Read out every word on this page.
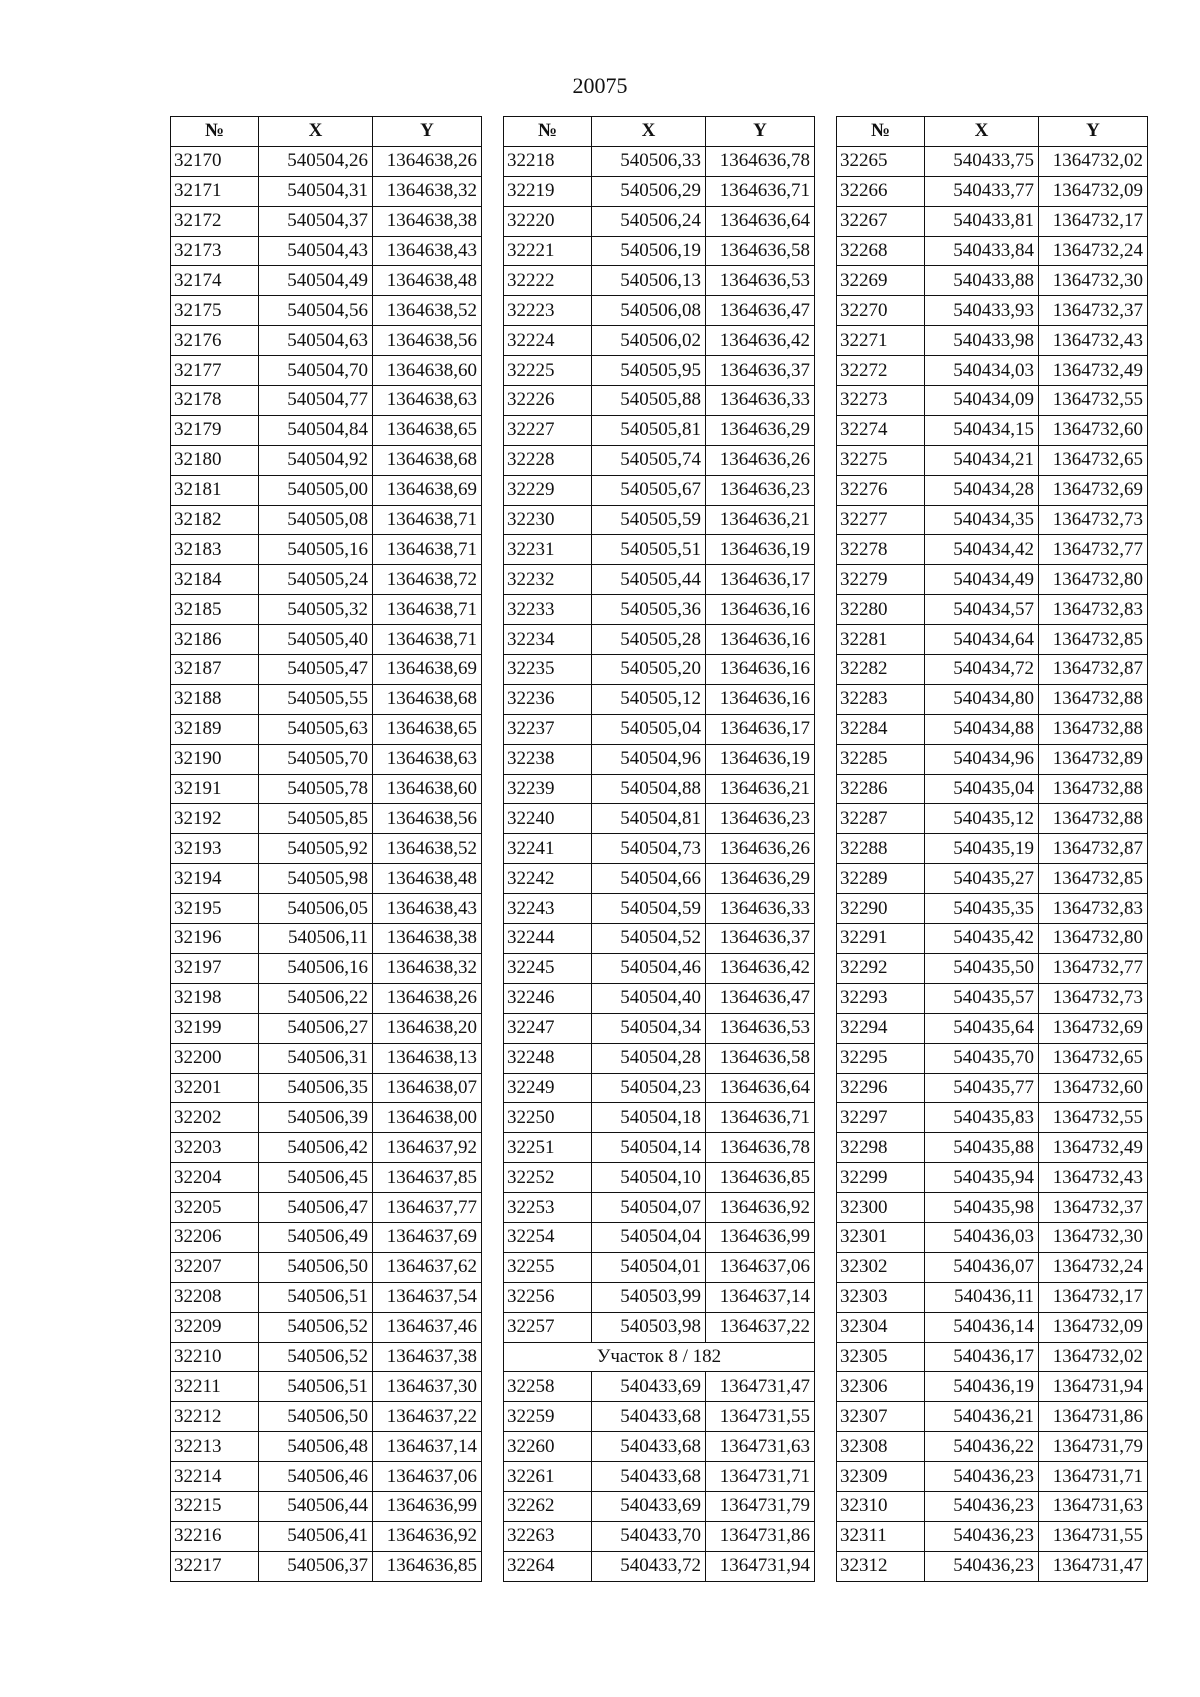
20075
№	X	Y
32170	540504,26	1364638,26
32171	540504,31	1364638,32
32172	540504,37	1364638,38
32173	540504,43	1364638,43
32174	540504,49	1364638,48
32175	540504,56	1364638,52
32176	540504,63	1364638,56
32177	540504,70	1364638,60
32178	540504,77	1364638,63
32179	540504,84	1364638,65
32180	540504,92	1364638,68
32181	540505,00	1364638,69
32182	540505,08	1364638,71
32183	540505,16	1364638,71
32184	540505,24	1364638,72
32185	540505,32	1364638,71
32186	540505,40	1364638,71
32187	540505,47	1364638,69
32188	540505,55	1364638,68
32189	540505,63	1364638,65
32190	540505,70	1364638,63
32191	540505,78	1364638,60
32192	540505,85	1364638,56
32193	540505,92	1364638,52
32194	540505,98	1364638,48
32195	540506,05	1364638,43
32196	540506,11	1364638,38
32197	540506,16	1364638,32
32198	540506,22	1364638,26
32199	540506,27	1364638,20
32200	540506,31	1364638,13
32201	540506,35	1364638,07
32202	540506,39	1364638,00
32203	540506,42	1364637,92
32204	540506,45	1364637,85
32205	540506,47	1364637,77
32206	540506,49	1364637,69
32207	540506,50	1364637,62
32208	540506,51	1364637,54
32209	540506,52	1364637,46
32210	540506,52	1364637,38
32211	540506,51	1364637,30
32212	540506,50	1364637,22
32213	540506,48	1364637,14
32214	540506,46	1364637,06
32215	540506,44	1364636,99
32216	540506,41	1364636,92
32217	540506,37	1364636,85
№	X	Y
32218	540506,33	1364636,78
32219	540506,29	1364636,71
32220	540506,24	1364636,64
32221	540506,19	1364636,58
32222	540506,13	1364636,53
32223	540506,08	1364636,47
32224	540506,02	1364636,42
32225	540505,95	1364636,37
32226	540505,88	1364636,33
32227	540505,81	1364636,29
32228	540505,74	1364636,26
32229	540505,67	1364636,23
32230	540505,59	1364636,21
32231	540505,51	1364636,19
32232	540505,44	1364636,17
32233	540505,36	1364636,16
32234	540505,28	1364636,16
32235	540505,20	1364636,16
32236	540505,12	1364636,16
32237	540505,04	1364636,17
32238	540504,96	1364636,19
32239	540504,88	1364636,21
32240	540504,81	1364636,23
32241	540504,73	1364636,26
32242	540504,66	1364636,29
32243	540504,59	1364636,33
32244	540504,52	1364636,37
32245	540504,46	1364636,42
32246	540504,40	1364636,47
32247	540504,34	1364636,53
32248	540504,28	1364636,58
32249	540504,23	1364636,64
32250	540504,18	1364636,71
32251	540504,14	1364636,78
32252	540504,10	1364636,85
32253	540504,07	1364636,92
32254	540504,04	1364636,99
32255	540504,01	1364637,06
32256	540503,99	1364637,14
32257	540503,98	1364637,22
Участок 8 / 182		
32258	540433,69	1364731,47
32259	540433,68	1364731,55
32260	540433,68	1364731,63
32261	540433,68	1364731,71
32262	540433,69	1364731,79
32263	540433,70	1364731,86
32264	540433,72	1364731,94
№	X	Y
32265	540433,75	1364732,02
32266	540433,77	1364732,09
32267	540433,81	1364732,17
32268	540433,84	1364732,24
32269	540433,88	1364732,30
32270	540433,93	1364732,37
32271	540433,98	1364732,43
32272	540434,03	1364732,49
32273	540434,09	1364732,55
32274	540434,15	1364732,60
32275	540434,21	1364732,65
32276	540434,28	1364732,69
32277	540434,35	1364732,73
32278	540434,42	1364732,77
32279	540434,49	1364732,80
32280	540434,57	1364732,83
32281	540434,64	1364732,85
32282	540434,72	1364732,87
32283	540434,80	1364732,88
32284	540434,88	1364732,88
32285	540434,96	1364732,89
32286	540435,04	1364732,88
32287	540435,12	1364732,88
32288	540435,19	1364732,87
32289	540435,27	1364732,85
32290	540435,35	1364732,83
32291	540435,42	1364732,80
32292	540435,50	1364732,77
32293	540435,57	1364732,73
32294	540435,64	1364732,69
32295	540435,70	1364732,65
32296	540435,77	1364732,60
32297	540435,83	1364732,55
32298	540435,88	1364732,49
32299	540435,94	1364732,43
32300	540435,98	1364732,37
32301	540436,03	1364732,30
32302	540436,07	1364732,24
32303	540436,11	1364732,17
32304	540436,14	1364732,09
32305	540436,17	1364732,02
32306	540436,19	1364731,94
32307	540436,21	1364731,86
32308	540436,22	1364731,79
32309	540436,23	1364731,71
32310	540436,23	1364731,63
32311	540436,23	1364731,55
32312	540436,23	1364731,47
